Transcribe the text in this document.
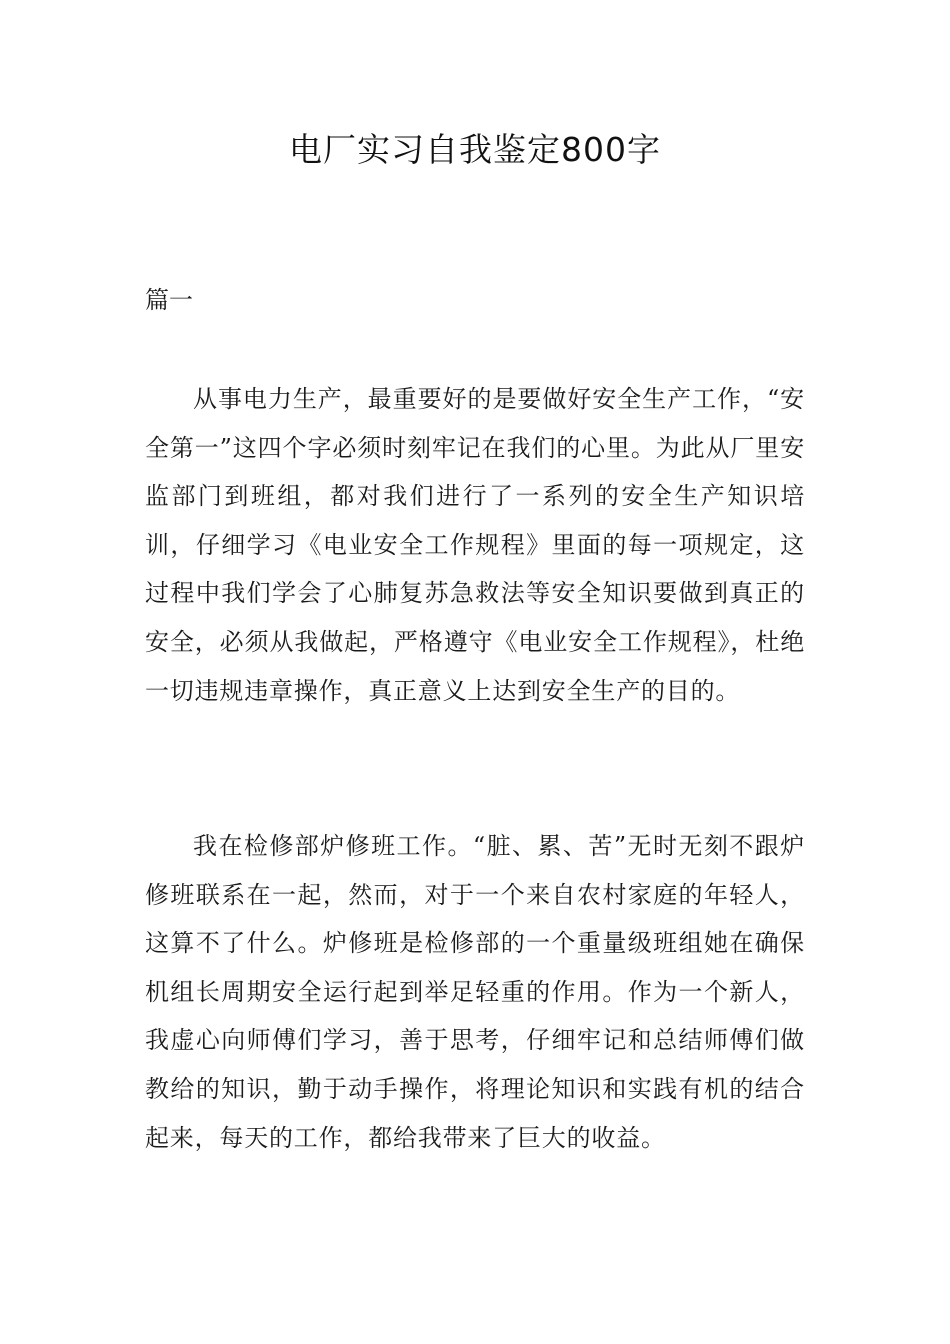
电厂实习自我鉴定800字
篇一

从事电力生产，最重要好的是要做好安全生产工作，“安全第一”这四个字必须时刻牢记在我们的心里。为此从厂里安监部门到班组，都对我们进行了一系列的安全生产知识培训，仔细学习《电业安全工作规程》里面的每一项规定，这过程中我们学会了心肺复苏急救法等安全知识要做到真正的安全，必须从我做起，严格遵守《电业安全工作规程》，杜绝一切违规违章操作，真正意义上达到安全生产的目的。

我在检修部炉修班工作。“脏、累、苦”无时无刻不跟炉修班联系在一起，然而，对于一个来自农村家庭的年轻人，这算不了什么。炉修班是检修部的一个重量级班组她在确保机组长周期安全运行起到举足轻重的作用。作为一个新人，我虚心向师傅们学习，善于思考，仔细牢记和总结师傅们做教给的知识，勤于动手操作，将理论知识和实践有机的结合起来，每天的工作，都给我带来了巨大的收益。
